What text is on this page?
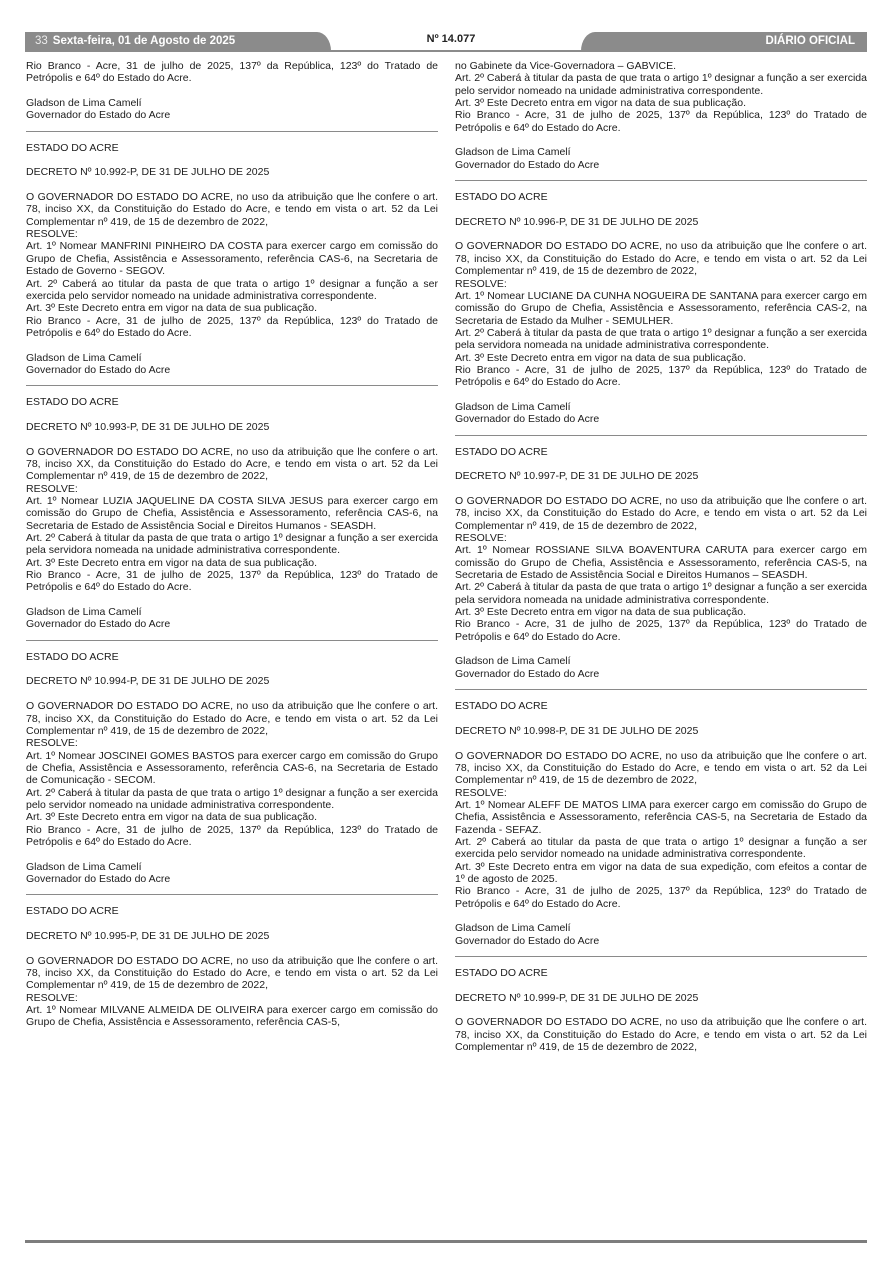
33 Sexta-feira, 01 de Agosto de 2025	Nº 14.077	DIÁRIO OFICIAL

Rio Branco - Acre, 31 de julho de 2025, 137º da República, 123º do Tratado de Petrópolis e 64º do Estado do Acre.

Gladson de Lima Camelí

Governador do Estado do Acre

ESTADO DO ACRE

DECRETO Nº 10.992-P, DE 31 DE JULHO DE 2025

O GOVERNADOR DO ESTADO DO ACRE, no uso da atribuição que lhe confere o art. 78, inciso XX, da Constituição do Estado do Acre, e tendo em vista o art. 52 da Lei Complementar nº 419, de 15 de dezembro de 2022,

RESOLVE:

Art. 1º Nomear MANFRINI PINHEIRO DA COSTA para exercer cargo em comissão do Grupo de Chefia, Assistência e Assessoramento, referência CAS-6, na Secretaria de Estado de Governo - SEGOV.

Art. 2º Caberá ao titular da pasta de que trata o artigo 1º designar a função a ser exercida pelo servidor nomeado na unidade administrativa correspondente.

Art. 3º Este Decreto entra em vigor na data de sua publicação.

Rio Branco - Acre, 31 de julho de 2025, 137º da República, 123º do Tratado de Petrópolis e 64º do Estado do Acre.

Gladson de Lima Camelí

Governador do Estado do Acre

ESTADO DO ACRE

DECRETO Nº 10.993-P, DE 31 DE JULHO DE 2025

O GOVERNADOR DO ESTADO DO ACRE, no uso da atribuição que lhe confere o art. 78, inciso XX, da Constituição do Estado do Acre, e tendo em vista o art. 52 da Lei Complementar nº 419, de 15 de dezembro de 2022,

RESOLVE:

Art. 1º Nomear LUZIA JAQUELINE DA COSTA SILVA JESUS para exercer cargo em comissão do Grupo de Chefia, Assistência e Assessoramento, referência CAS-6, na Secretaria de Estado de Assistência Social e Direitos Humanos - SEASDH.

Art. 2º Caberá à titular da pasta de que trata o artigo 1º designar a função a ser exercida pela servidora nomeada na unidade administrativa correspondente.

Art. 3º Este Decreto entra em vigor na data de sua publicação.

Rio Branco - Acre, 31 de julho de 2025, 137º da República, 123º do Tratado de Petrópolis e 64º do Estado do Acre.

Gladson de Lima Camelí

Governador do Estado do Acre

ESTADO DO ACRE

DECRETO Nº 10.994-P, DE 31 DE JULHO DE 2025

O GOVERNADOR DO ESTADO DO ACRE, no uso da atribuição que lhe confere o art. 78, inciso XX, da Constituição do Estado do Acre, e tendo em vista o art. 52 da Lei Complementar nº 419, de 15 de dezembro de 2022,

RESOLVE:

Art. 1º Nomear JOSCINEI GOMES BASTOS para exercer cargo em comissão do Grupo de Chefia, Assistência e Assessoramento, referência CAS-6, na Secretaria de Estado de Comunicação - SECOM.

Art. 2º Caberá à titular da pasta de que trata o artigo 1º designar a função a ser exercida pelo servidor nomeado na unidade administrativa correspondente.

Art. 3º Este Decreto entra em vigor na data de sua publicação.

Rio Branco - Acre, 31 de julho de 2025, 137º da República, 123º do Tratado de Petrópolis e 64º do Estado do Acre.

Gladson de Lima Camelí

Governador do Estado do Acre

ESTADO DO ACRE

DECRETO Nº 10.995-P, DE 31 DE JULHO DE 2025

O GOVERNADOR DO ESTADO DO ACRE, no uso da atribuição que lhe confere o art. 78, inciso XX, da Constituição do Estado do Acre, e tendo em vista o art. 52 da Lei Complementar nº 419, de 15 de dezembro de 2022,

RESOLVE:

Art. 1º Nomear MILVANE ALMEIDA DE OLIVEIRA para exercer cargo em comissão do Grupo de Chefia, Assistência e Assessoramento, referência CAS-5,

no Gabinete da Vice-Governadora – GABVICE.

Art. 2º Caberá à titular da pasta de que trata o artigo 1º designar a função a ser exercida pelo servidor nomeado na unidade administrativa correspondente.

Art. 3º Este Decreto entra em vigor na data de sua publicação.

Rio Branco - Acre, 31 de julho de 2025, 137º da República, 123º do Tratado de Petrópolis e 64º do Estado do Acre.

Gladson de Lima Camelí

Governador do Estado do Acre

ESTADO DO ACRE

DECRETO Nº 10.996-P, DE 31 DE JULHO DE 2025

O GOVERNADOR DO ESTADO DO ACRE, no uso da atribuição que lhe confere o art. 78, inciso XX, da Constituição do Estado do Acre, e tendo em vista o art. 52 da Lei Complementar nº 419, de 15 de dezembro de 2022,

RESOLVE:

Art. 1º Nomear LUCIANE DA CUNHA NOGUEIRA DE SANTANA para exercer cargo em comissão do Grupo de Chefia, Assistência e Assessoramento, referência CAS-2, na Secretaria de Estado da Mulher - SEMULHER.

Art. 2º Caberá à titular da pasta de que trata o artigo 1º designar a função a ser exercida pela servidora nomeada na unidade administrativa correspondente.

Art. 3º Este Decreto entra em vigor na data de sua publicação.

Rio Branco - Acre, 31 de julho de 2025, 137º da República, 123º do Tratado de Petrópolis e 64º do Estado do Acre.

Gladson de Lima Camelí

Governador do Estado do Acre

ESTADO DO ACRE

DECRETO Nº 10.997-P, DE 31 DE JULHO DE 2025

O GOVERNADOR DO ESTADO DO ACRE, no uso da atribuição que lhe confere o art. 78, inciso XX, da Constituição do Estado do Acre, e tendo em vista o art. 52 da Lei Complementar nº 419, de 15 de dezembro de 2022,

RESOLVE:

Art. 1º Nomear ROSSIANE SILVA BOAVENTURA CARUTA para exercer cargo em comissão do Grupo de Chefia, Assistência e Assessoramento, referência CAS-5, na Secretaria de Estado de Assistência Social e Direitos Humanos – SEASDH.

Art. 2º Caberá à titular da pasta de que trata o artigo 1º designar a função a ser exercida pela servidora nomeada na unidade administrativa correspondente.

Art. 3º Este Decreto entra em vigor na data de sua publicação.

Rio Branco - Acre, 31 de julho de 2025, 137º da República, 123º do Tratado de Petrópolis e 64º do Estado do Acre.

Gladson de Lima Camelí

Governador do Estado do Acre

ESTADO DO ACRE

DECRETO Nº 10.998-P, DE 31 DE JULHO DE 2025

O GOVERNADOR DO ESTADO DO ACRE, no uso da atribuição que lhe confere o art. 78, inciso XX, da Constituição do Estado do Acre, e tendo em vista o art. 52 da Lei Complementar nº 419, de 15 de dezembro de 2022,

RESOLVE:

Art. 1º Nomear ALEFF DE MATOS LIMA para exercer cargo em comissão do Grupo de Chefia, Assistência e Assessoramento, referência CAS-5, na Secretaria de Estado da Fazenda - SEFAZ.

Art. 2º Caberá ao titular da pasta de que trata o artigo 1º designar a função a ser exercida pelo servidor nomeado na unidade administrativa correspondente.

Art. 3º Este Decreto entra em vigor na data de sua expedição, com efeitos a contar de 1º de agosto de 2025.

Rio Branco - Acre, 31 de julho de 2025, 137º da República, 123º do Tratado de Petrópolis e 64º do Estado do Acre.

Gladson de Lima Camelí

Governador do Estado do Acre

ESTADO DO ACRE

DECRETO Nº 10.999-P, DE 31 DE JULHO DE 2025

O GOVERNADOR DO ESTADO DO ACRE, no uso da atribuição que lhe confere o art. 78, inciso XX, da Constituição do Estado do Acre, e tendo em vista o art. 52 da Lei Complementar nº 419, de 15 de dezembro de 2022,
